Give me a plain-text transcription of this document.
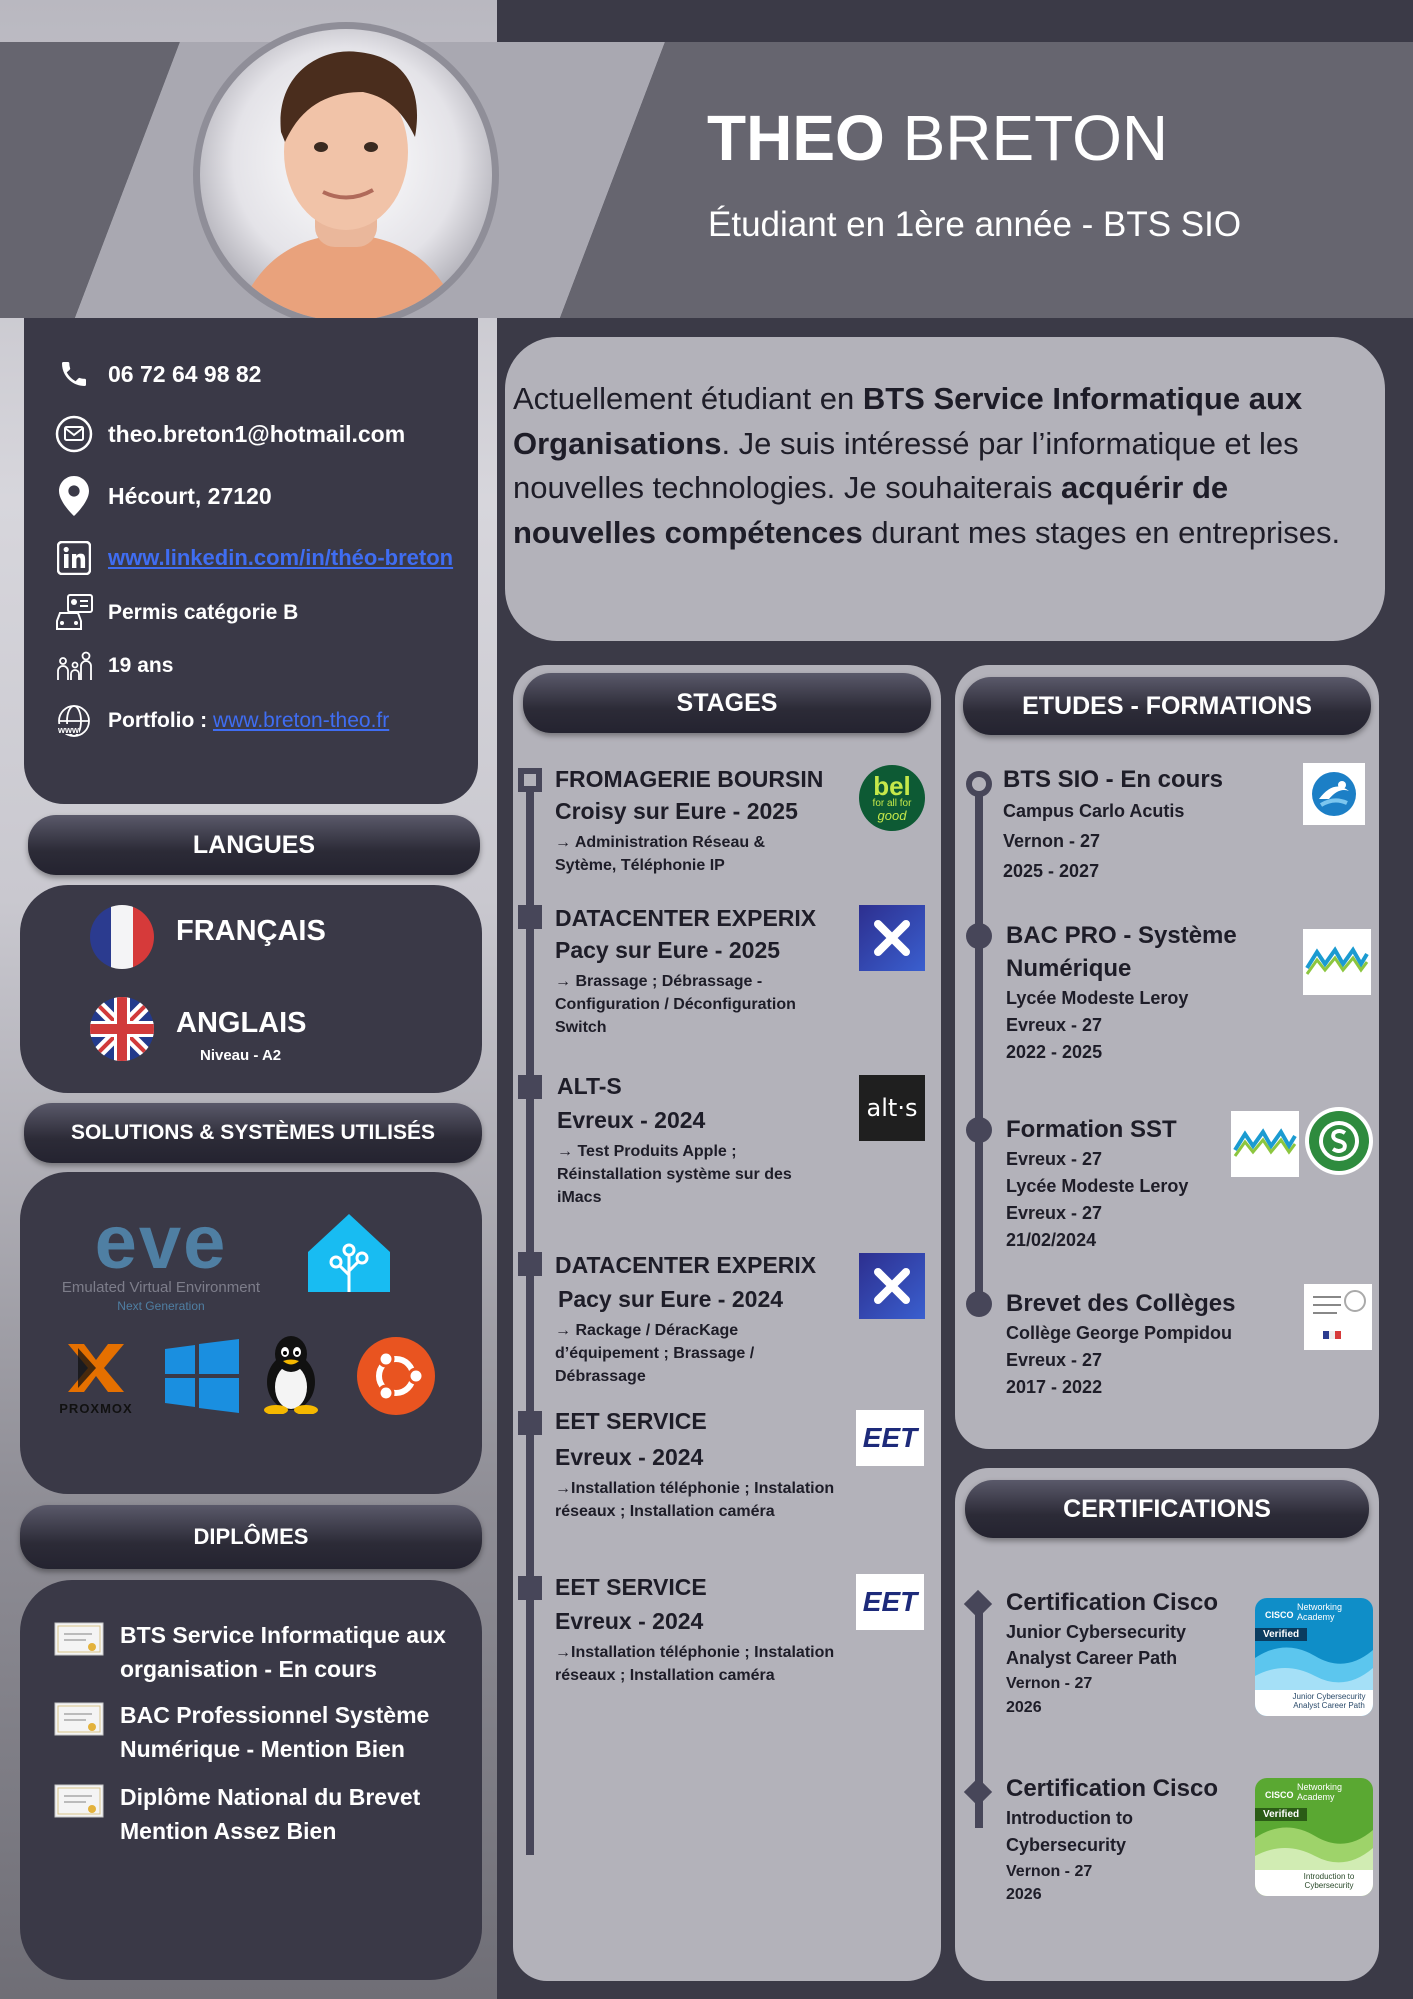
THEO BRETON
Étudiant en 1ère année - BTS SIO
06 72 64 98 82
theo.breton1@hotmail.com
Hécourt, 27120
www.linkedin.com/in/théo-breton
Permis catégorie B
19 ans
www Portfolio : www.breton-theo.fr
LANGUES
FRANÇAIS
ANGLAIS
Niveau - A2
SOLUTIONS & SYSTÈMES UTILISÉS
eve
Emulated Virtual Environment
Next Generation
PROXMOX
DIPLÔMES
BTS Service Informatique aux organisation - En cours
BAC Professionnel Système Numérique - Mention Bien
Diplôme National du Brevet Mention Assez Bien
Actuellement étudiant en BTS Service Informatique aux Organisations. Je suis intéressé par l’informatique et les nouvelles technologies. Je souhaiterais acquérir de nouvelles compétences durant mes stages en entreprises.
STAGES
FROMAGERIE BOURSIN
Croisy sur Eure - 2025
→ Administration Réseau & Sytème, Téléphonie IP
bel
for all for
good
DATACENTER EXPERIX
Pacy sur Eure - 2025
→ Brassage ; Débrassage - Configuration / Déconfiguration Switch
ALT-S
Evreux - 2024
→ Test Produits Apple ; Réinstallation système sur des iMacs
alt·s
DATACENTER EXPERIX
Pacy sur Eure - 2024
→ Rackage / DéracKage d’équipement ; Brassage / Débrassage
EET SERVICE
Evreux - 2024
→Installation téléphonie ; Instalation réseaux ; Installation caméra
EET
EET SERVICE
Evreux - 2024
→Installation téléphonie ; Instalation réseaux ; Installation caméra
EET
ETUDES - FORMATIONS
BTS SIO - En cours
Campus Carlo Acutis
Vernon - 27
2025 - 2027
BAC PRO - Système Numérique
Lycée Modeste Leroy
Evreux - 27
2022 - 2025
Formation SST
Evreux - 27
Lycée Modeste Leroy
Evreux - 27
21/02/2024
Brevet des Collèges
Collège George Pompidou
Evreux - 27
2017 - 2022
CERTIFICATIONS
Certification Cisco
Junior Cybersecurity
Analyst Career Path
Vernon - 27
2026
CISCO
Networking Academy
Verified
Junior Cybersecurity Analyst Career Path
Certification Cisco
Introduction to
Cybersecurity
Vernon - 27
2026
CISCO
Networking Academy
Verified
Introduction to Cybersecurity
